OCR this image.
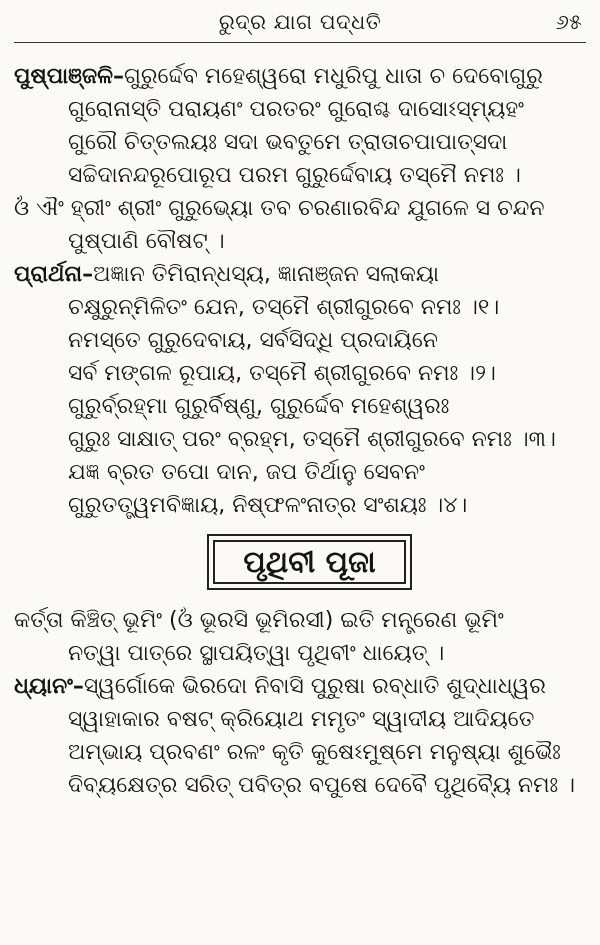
ରୁଦ୍ର ଯାଗ ପଦ୍ଧତି	୬୫
ପୁଷ୍ପାଞ୍ଜଳି–ଗୁରୁର୍ଦ୍ଦେବ ମହେଶ୍ୱରୋ ମଧୁରିପୁ ଧାତା ଚ ଦେବୋଗୁରୁ
ଗୁରୋନାସ୍ତି ପରାୟଣଂ ପରତରଂ ଗୁରୋଶ୍ଚ ଦାସୋଽସ୍ମ୍ୟହଂ
ଗୁରୌ ଚିତ୍ତଲୟଃ ସଦା ଭବତୁମେ ତ୍ରାତାଚପାପାତ୍ସଦା
ସଚ୍ଚିଦାନନ୍ଦରୂପୋରୂପ ପରମ ଗୁରୁର୍ଦ୍ଦେବାୟ ତସ୍ମୈ ନମଃ ।
ଓଁ ଐଂ ହ୍ରୀଂ ଶ୍ରୀଂ ଗୁରୁଭ୍ୟୋ ତବ ଚରଣାରବିନ୍ଦ ଯୁଗଳେ ସ ଚନ୍ଦନ
ପୁଷ୍ପାଣି ବୌଷଟ୍ ।
ପ୍ରାର୍ଥନା–ଅଜ୍ଞାନ ତିମିରାନ୍ଧସ୍ୟ, ଜ୍ଞାନାଞ୍ଜନ ସଲାକୟା
ଚକ୍ଷୁରୁନ୍ମିଳିତଂ ଯେନ, ତସ୍ମୈ ଶ୍ରୀଗୁରବେ ନମଃ ।୧।
ନମସ୍ତେ ଗୁରୁଦେବାୟ, ସର୍ବସିଦ୍ଧି ପ୍ରଦାୟିନେ
ସର୍ବ ମଙ୍ଗଳ ରୂପାୟ, ତସ୍ମୈ ଶ୍ରୀଗୁରବେ ନମଃ ।୨।
ଗୁରୁର୍ବ୍ରହ୍ମା ଗୁରୁର୍ବିଷ୍ଣୁ, ଗୁରୁର୍ଦ୍ଦେବ ମହେଶ୍ୱରଃ
ଗୁରୁଃ ସାକ୍ଷାତ୍ ପରଂ ବ୍ରହ୍ମ, ତସ୍ମୈ ଶ୍ରୀଗୁରବେ ନମଃ ।୩।
ଯଜ୍ଞ ବ୍ରତ ତପୋ ଦାନ, ଜପ ତିର୍ଥାନୁ ସେବନଂ
ଗୁରୁତତ୍ତ୍ୱମବିଜ୍ଞାୟ, ନିଷ୍ଫଳଂନାତ୍ର ସଂଶୟଃ ।୪।
ପୃଥିବୀ ପୂଜା
କର୍ତ୍ତା କିଞ୍ଚିତ୍ ଭୂମିଂ (ଓଁ ଭୂରସି ଭୂମିରସୀ) ଇତି ମନ୍ତ୍ରେଣ ଭୂମିଂ
ନତ୍ୱା ପାତ୍ରେ ସ୍ଥାପୟିତ୍ୱା ପୃଥିବୀଂ ଧାୟେତ୍ ।
ଧ୍ୟାନଂ–ସ୍ୱର୍ଗୋକେ ଭିରଦୋ ନିବାସି ପୁରୁଷା ରବ୍ଧାତି ଶୁଦ୍ଧାଧ୍ୱର
ସ୍ୱାହାକାର ବଷଟ୍ କ୍ରିୟୋଥ ମମୃତଂ ସ୍ୱାଦୀୟ ଆଦିୟତେ
ଅମ୍ଭାୟ ପ୍ରବଣଂ ରଳଂ କୃତି କୁଷେଽମୁଷ୍ମେ ମନୁଷ୍ୟା ଶୁଭୈଃ
ଦିବ୍ୟକ୍ଷେତ୍ର ସରିତ୍ ପବିତ୍ର ବପୁଷେ ଦେବୈ ପୃଥିବ୍ୟୈ ନମଃ ।
